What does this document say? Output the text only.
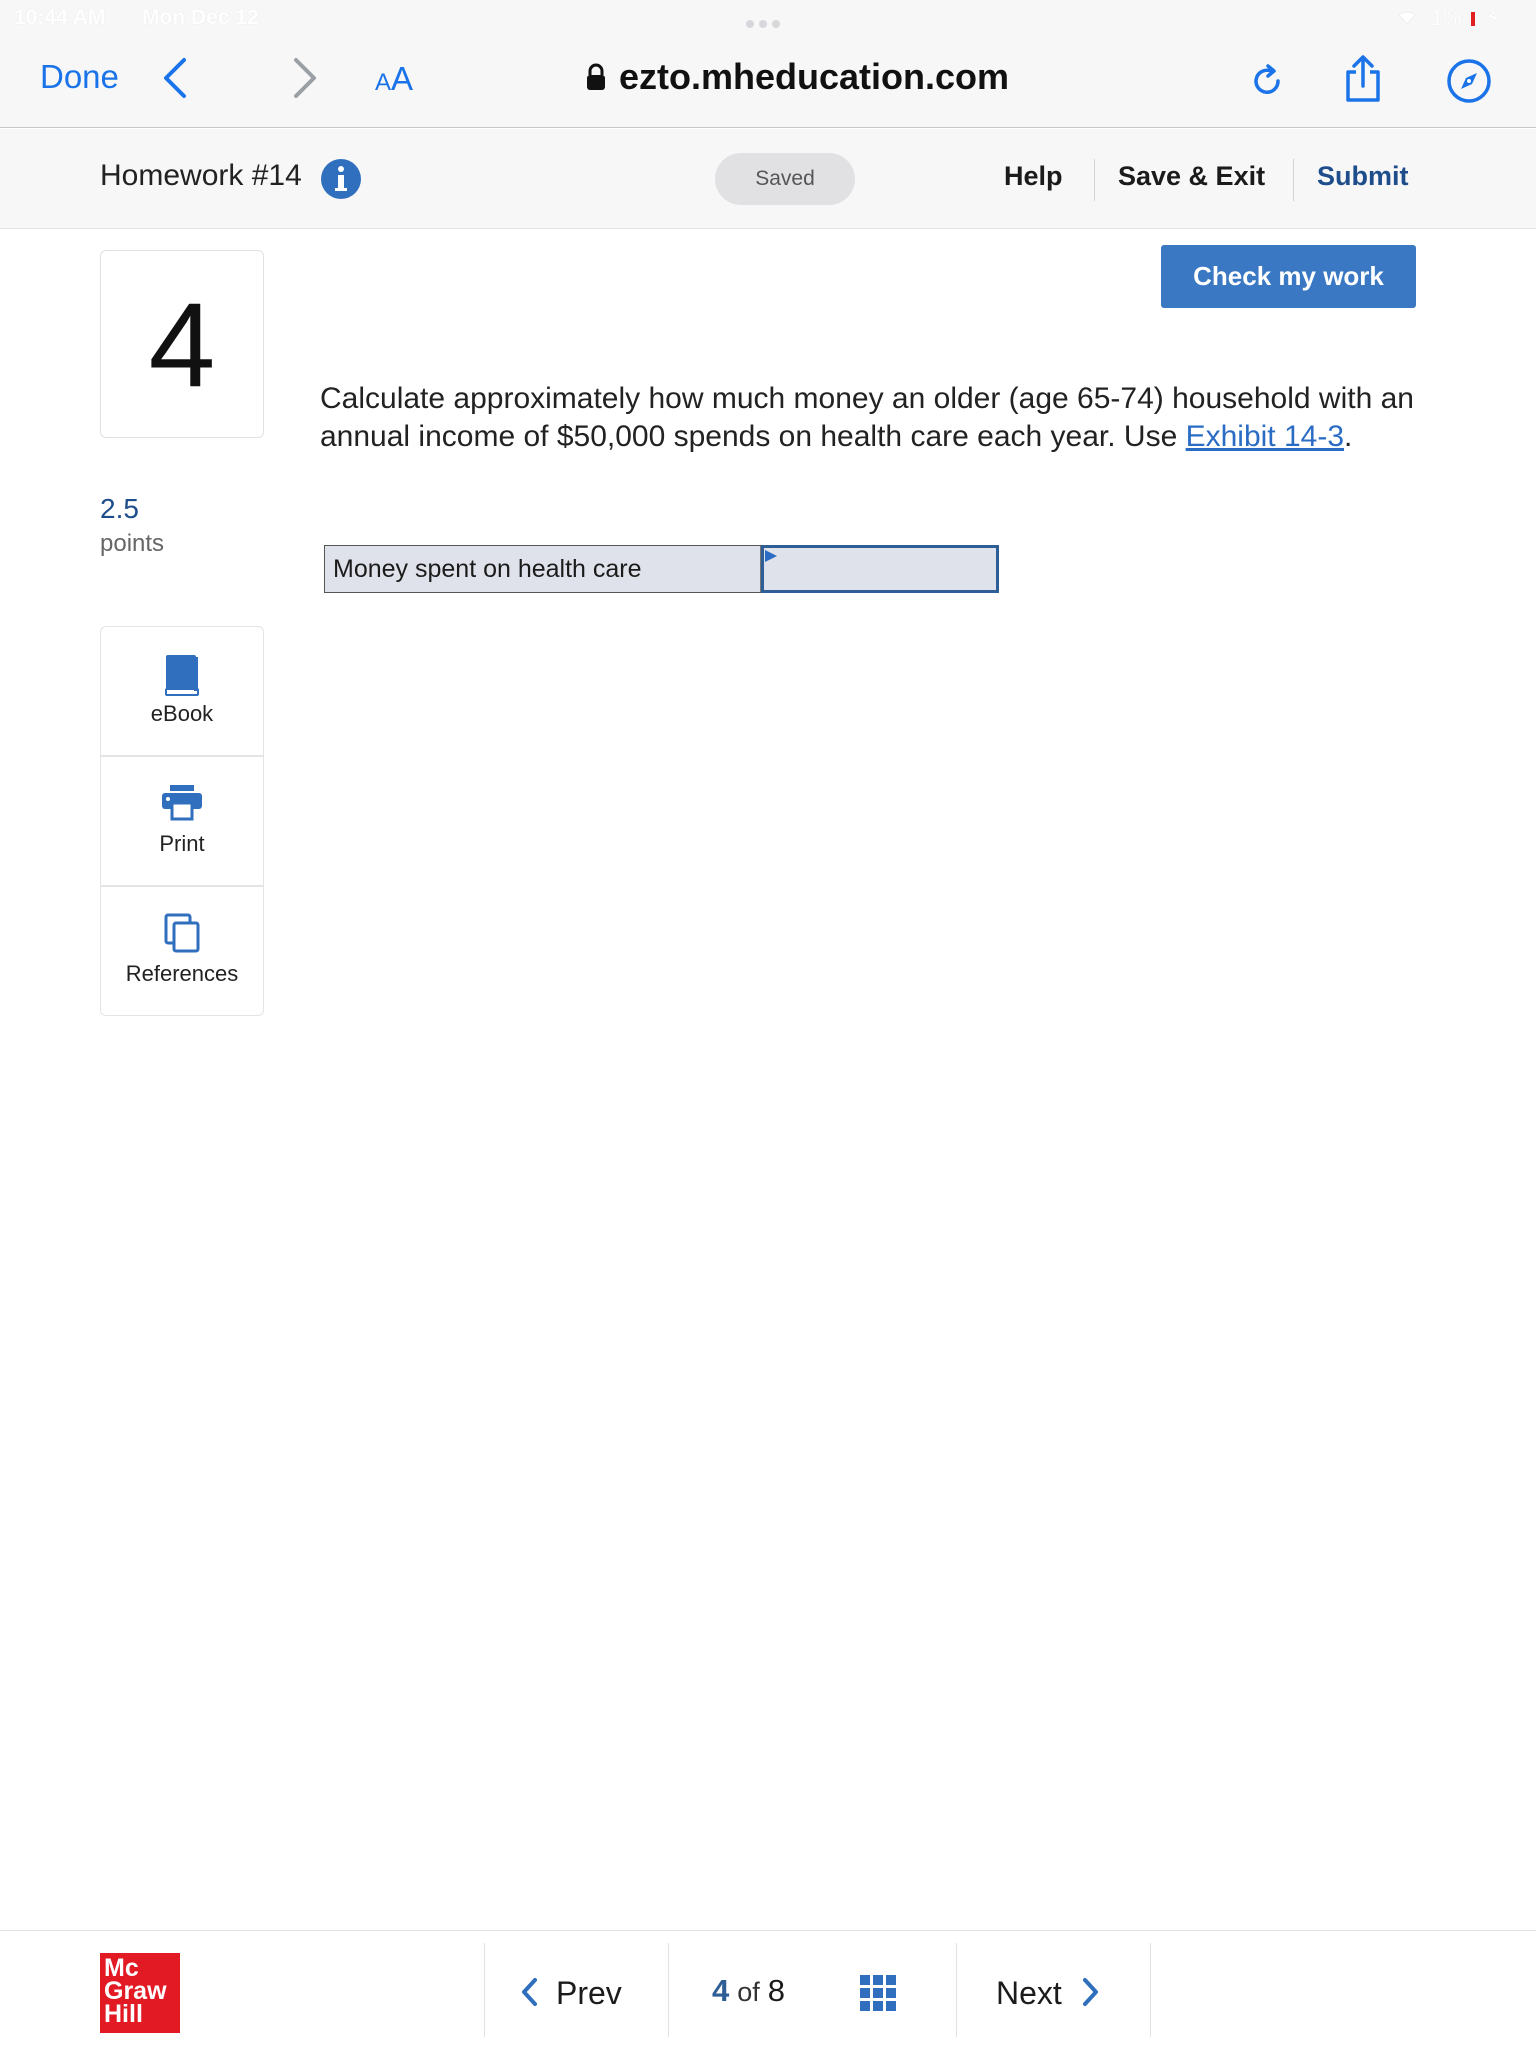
10:44 AM Mon Dec 12	1% ⚡
Done	AA	ezto.mheducation.com
Homework #14	Saved	Help Save & Exit Submit
4
2.5
points
eBook
Print
References
Check my work
Calculate approximately how much money an older (age 65-74) household with an annual income of $50,000 spends on health care each year. Use Exhibit 14-3.
Money spent on health care
Mc
Graw
Hill
Prev	4 of 8	Next
